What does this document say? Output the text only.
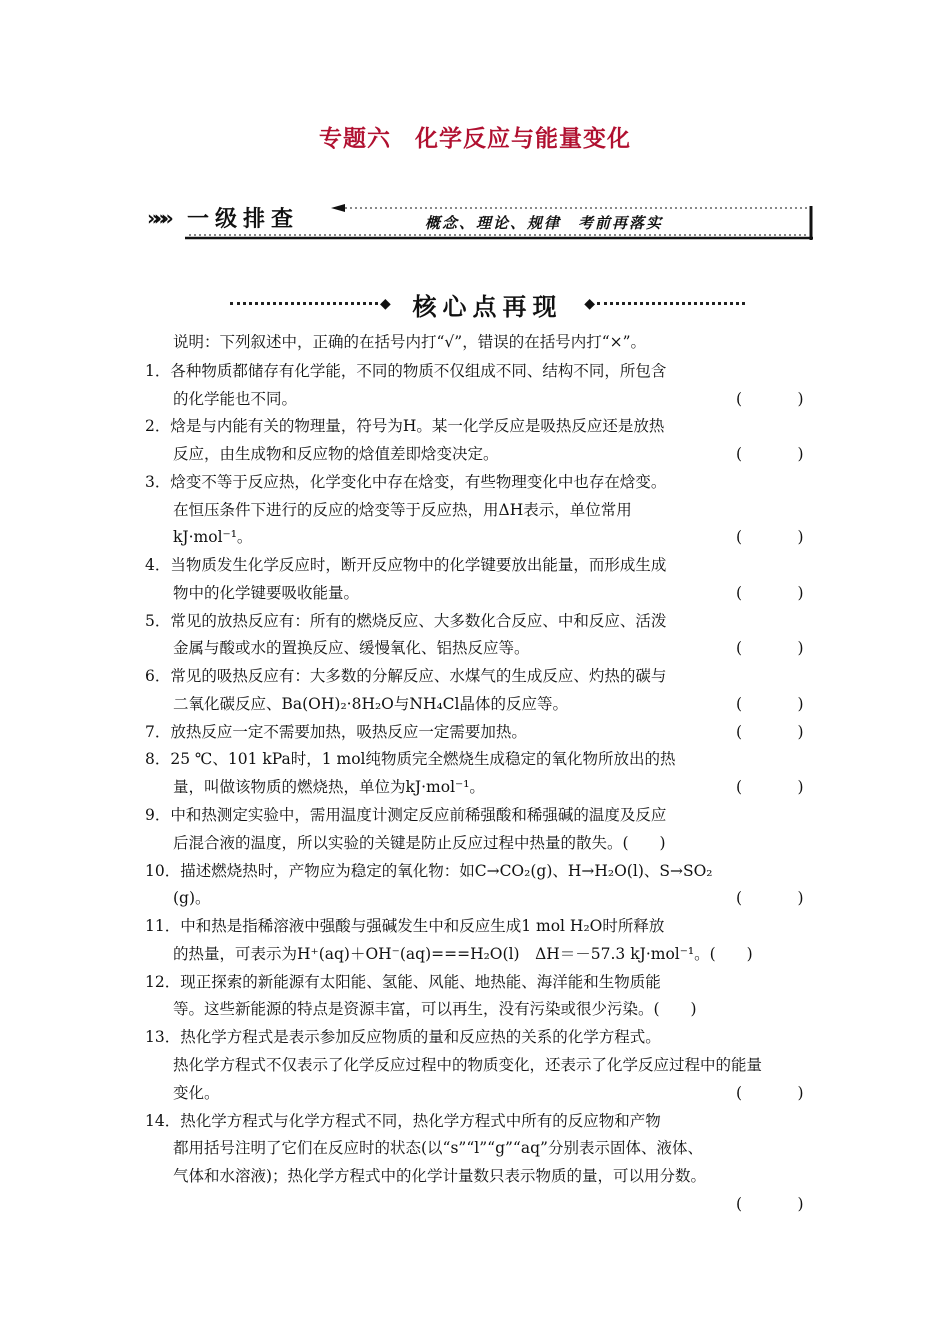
专题六　化学反应与能量变化
»»» 一级排查	概念、理论、规律　考前再落实
◆ 核心点再现	◆
说明：下列叙述中，正确的在括号内打“√”，错误的在括号内打“×”。
1．各种物质都储存有化学能，不同的物质不仅组成不同、结构不同，所包含
的化学能也不同。	(　)
2．焓是与内能有关的物理量，符号为H。某一化学反应是吸热反应还是放热
反应，由生成物和反应物的焓值差即焓变决定。	(　)
3．焓变不等于反应热，化学变化中存在焓变，有些物理变化中也存在焓变。
在恒压条件下进行的反应的焓变等于反应热，用ΔH表示，单位常用
kJ·mol⁻¹。	(　)
4．当物质发生化学反应时，断开反应物中的化学键要放出能量，而形成生成
物中的化学键要吸收能量。	(　)
5．常见的放热反应有：所有的燃烧反应、大多数化合反应、中和反应、活泼
金属与酸或水的置换反应、缓慢氧化、铝热反应等。	(　)
6．常见的吸热反应有：大多数的分解反应、水煤气的生成反应、灼热的碳与
二氧化碳反应、Ba(OH)₂·8H₂O与NH₄Cl晶体的反应等。	(　)
7．放热反应一定不需要加热，吸热反应一定需要加热。	(　)
8．25 ℃、101 kPa时，1 mol纯物质完全燃烧生成稳定的氧化物所放出的热
量，叫做该物质的燃烧热，单位为kJ·mol⁻¹。	(　)
9．中和热测定实验中，需用温度计测定反应前稀强酸和稀强碱的温度及反应
后混合液的温度，所以实验的关键是防止反应过程中热量的散失。(　　)
10．描述燃烧热时，产物应为稳定的氧化物：如C→CO₂(g)、H→H₂O(l)、S→SO₂
(g)。	(　)
11．中和热是指稀溶液中强酸与强碱发生中和反应生成1 mol H₂O时所释放
的热量，可表示为H⁺(aq)＋OH⁻(aq)===H₂O(l)　ΔH＝－57.3 kJ·mol⁻¹。(　　)
12．现正探索的新能源有太阳能、氢能、风能、地热能、海洋能和生物质能
等。这些新能源的特点是资源丰富，可以再生，没有污染或很少污染。(　　)
13．热化学方程式是表示参加反应物质的量和反应热的关系的化学方程式。
热化学方程式不仅表示了化学反应过程中的物质变化，还表示了化学反应过程中的能量
变化。	(　)
14．热化学方程式与化学方程式不同，热化学方程式中所有的反应物和产物
都用括号注明了它们在反应时的状态(以“s”“l”“g”“aq”分别表示固体、液体、
气体和水溶液)；热化学方程式中的化学计量数只表示物质的量，可以用分数。
(　)
